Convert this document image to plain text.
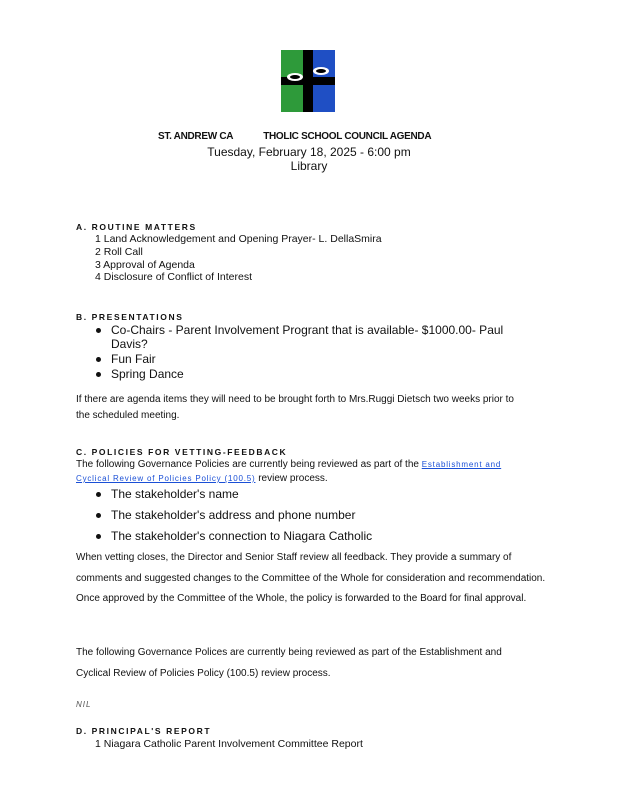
ST. ANDREW CA	THOLIC SCHOOL COUNCIL AGENDA
Tuesday, February 18, 2025 - 6:00 pm
Library
A. ROUTINE MATTERS
1 Land Acknowledgement and Opening Prayer- L. DellaSmira
2 Roll Call
3 Approval of Agenda
4 Disclosure of Conflict of Interest
B. PRESENTATIONS
Co-Chairs - Parent Involvement Progrant that is available- $1000.00- Paul Davis?
Fun Fair
Spring Dance
If there are agenda items they will need to be brought forth to Mrs.Ruggi Dietsch two weeks prior to the scheduled meeting.
C. POLICIES FOR VETTING-FEEDBACK
The following Governance Policies are currently being reviewed as part of the Establishment and Cyclical Review of Policies Policy (100.5) review process.
The stakeholder's name
The stakeholder's address and phone number
The stakeholder's connection to Niagara Catholic
When vetting closes, the Director and Senior Staff review all feedback. They provide a summary of comments and suggested changes to the Committee of the Whole for consideration and recommendation. Once approved by the Committee of the Whole, the policy is forwarded to the Board for final approval.
The following Governance Polices are currently being reviewed as part of the Establishment and Cyclical Review of Policies Policy (100.5) review process.
NIL
D. PRINCIPAL'S REPORT
1 Niagara Catholic Parent Involvement Committee Report
